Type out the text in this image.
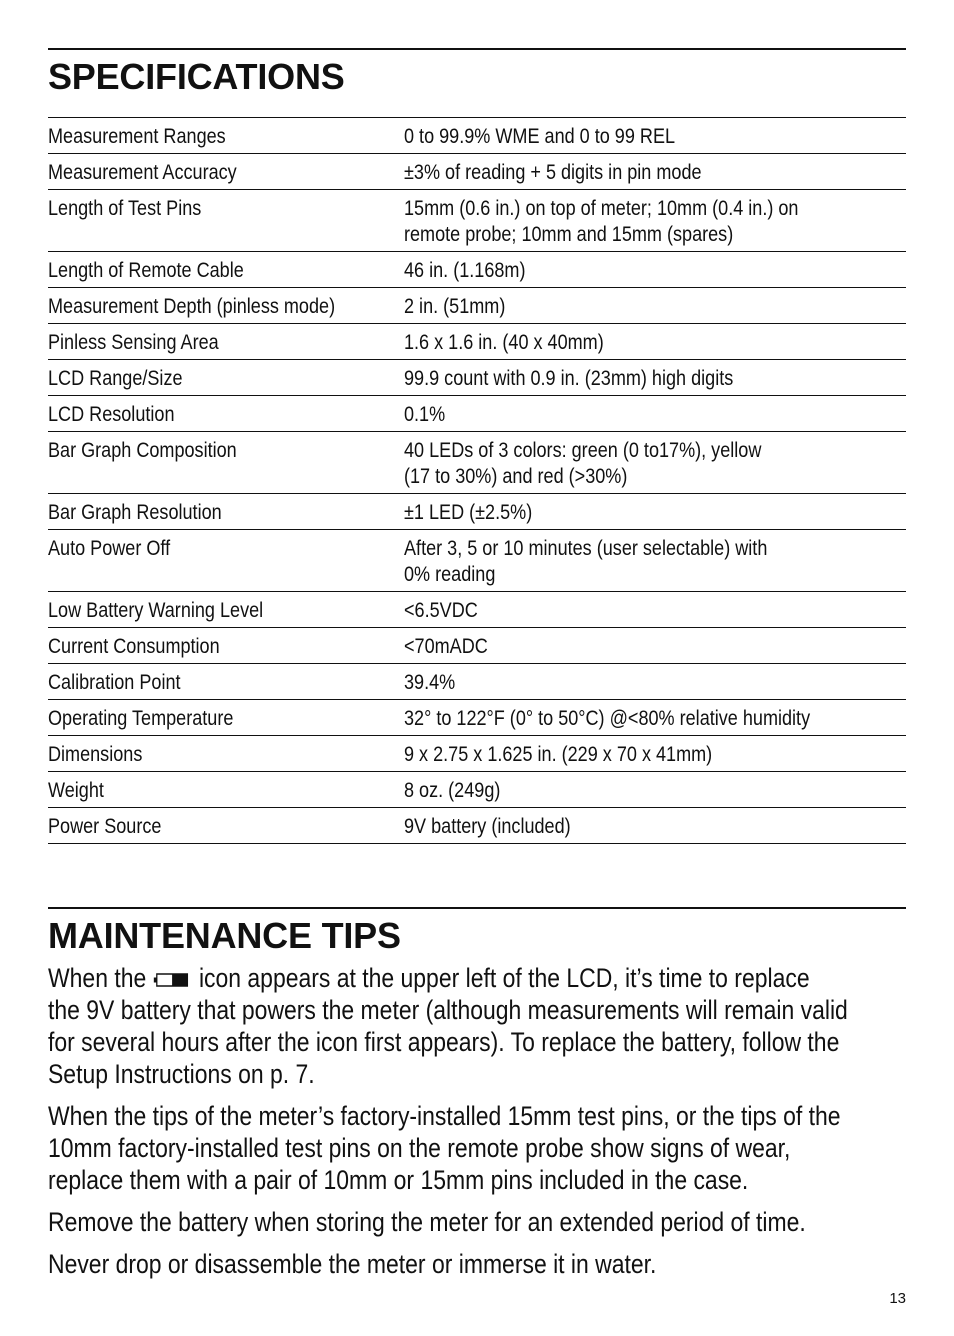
SPECIFICATIONS
Measurement Ranges	0 to 99.9% WME and 0 to 99 REL

Measurement Accuracy	±3% of reading + 5 digits in pin mode

Length of Test Pins	15mm (0.6 in.) on top of meter; 10mm (0.4 in.) on
remote probe; 10mm and 15mm (spares)

Length of Remote Cable	46 in. (1.168m)

Measurement Depth (pinless mode)	2 in. (51mm)

Pinless Sensing Area	1.6 x 1.6 in. (40 x 40mm)

LCD Range/Size	99.9 count with 0.9 in. (23mm) high digits

LCD Resolution	0.1%

Bar Graph Composition	40 LEDs of 3 colors: green (0 to17%), yellow
(17 to 30%) and red (>30%)

Bar Graph Resolution	±1 LED (±2.5%)

Auto Power Off	After 3, 5 or 10 minutes (user selectable) with
0% reading

Low Battery Warning Level	<6.5VDC

Current Consumption	<70mADC

Calibration Point	39.4%

Operating Temperature	32° to 122°F (0° to 50°C) @<80% relative humidity

Dimensions	9 x 2.75 x 1.625 in. (229 x 70 x 41mm)

Weight	8 oz. (249g)

Power Source	9V battery (included)
MAINTENANCE TIPS

When the icon appears at the upper left of the LCD, it’s time to replace
the 9V battery that powers the meter (although measurements will remain valid
for several hours after the icon first appears). To replace the battery, follow the
Setup Instructions on p. 7.

When the tips of the meter’s factory-installed 15mm test pins, or the tips of the
10mm factory-installed test pins on the remote probe show signs of wear,
replace them with a pair of 10mm or 15mm pins included in the case.

Remove the battery when storing the meter for an extended period of time.

Never drop or disassemble the meter or immerse it in water.

13
